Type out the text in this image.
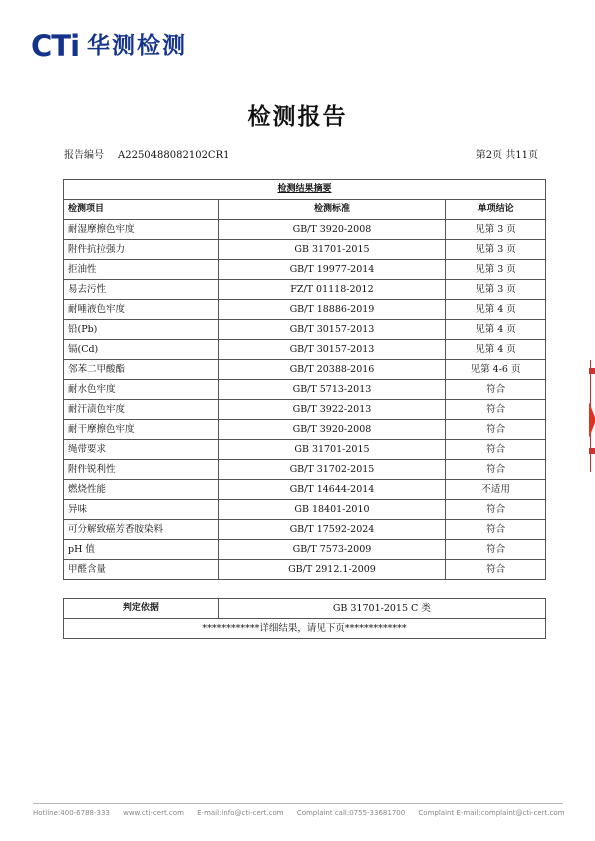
CTi 华测检测
检测报告
报告编号 A2250488082102CR1	第2页 共11页
检测结果摘要		
检测项目	检测标准	单项结论
耐湿摩擦色牢度	GB/T 3920-2008	见第 3 页
附件抗拉强力	GB 31701-2015	见第 3 页
拒油性	GB/T 19977-2014	见第 3 页
易去污性	FZ/T 01118-2012	见第 3 页
耐唾液色牢度	GB/T 18886-2019	见第 4 页
铅(Pb)	GB/T 30157-2013	见第 4 页
镉(Cd)	GB/T 30157-2013	见第 4 页
邻苯二甲酸酯	GB/T 20388-2016	见第 4-6 页
耐水色牢度	GB/T 5713-2013	符合
耐汗渍色牢度	GB/T 3922-2013	符合
耐干摩擦色牢度	GB/T 3920-2008	符合
绳带要求	GB 31701-2015	符合
附件锐利性	GB/T 31702-2015	符合
燃烧性能	GB/T 14644-2014	不适用
异味	GB 18401-2010	符合
可分解致癌芳香胺染料	GB/T 17592-2024	符合
pH 值	GB/T 7573-2009	符合
甲醛含量	GB/T 2912.1-2009	符合
判定依据	GB 31701-2015 C 类
************详细结果，请见下页*************
Hotline:400-6788-333 www.cti-cert.com E-mail:info@cti-cert.com Complaint call:0755-33681700 Complaint E-mail:complaint@cti-cert.com
